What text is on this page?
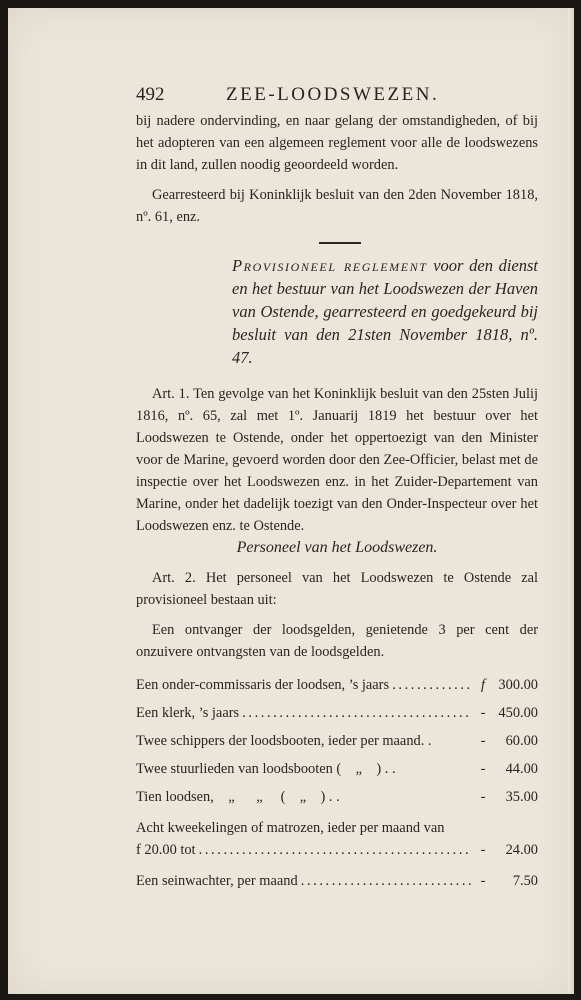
492	ZEE-LOODSWEZEN.

bij nadere ondervinding, en naar gelang der omstandigheden, of bij het adopteren van een algemeen reglement voor alle de loodswezens in dit land, zullen noodig geoordeeld worden.

Gearresteerd bij Koninklijk besluit van den 2den November 1818, nº. 61, enz.

Provisioneel reglement voor den dienst en het bestuur van het Loodswezen der Haven van Ostende, gearresteerd en goedgekeurd bij besluit van den 21sten November 1818, nº. 47.

Art. 1. Ten gevolge van het Koninklijk besluit van den 25sten Julij 1816, nº. 65, zal met 1º. Januarij 1819 het bestuur over het Loodswezen te Ostende, onder het oppertoezigt van den Minister voor de Marine, gevoerd worden door den Zee-Officier, belast met de inspectie over het Loodswezen enz. in het Zuider-Departement van Marine, onder het dadelijk toezigt van den Onder-Inspecteur over het Loodswezen enz. te Ostende.

Personeel van het Loodswezen.

Art. 2. Het personeel van het Loodswezen te Ostende zal provisioneel bestaan uit:

Een ontvanger der loodsgelden, genietende 3 per cent der onzuivere ontvangsten van de loodsgelden.

Een onder-commissaris der loodsen, ’s jaars . . .	f 300.00
Een klerk, ’s jaars . . .	- 450.00
Twee schippers der loodsbooten, ieder per maand. .	-	60.00
Twee stuurlieden van loodsbooten (    „    ) . .	-	44.00
Tien loodsen,    „      „     (    „    ) . .	-	35.00

Acht kweekelingen of matrozen, ieder per maand van

f 20.00 tot . . .	-	24.00
Een seinwachter, per maand . . .	-	7.50
